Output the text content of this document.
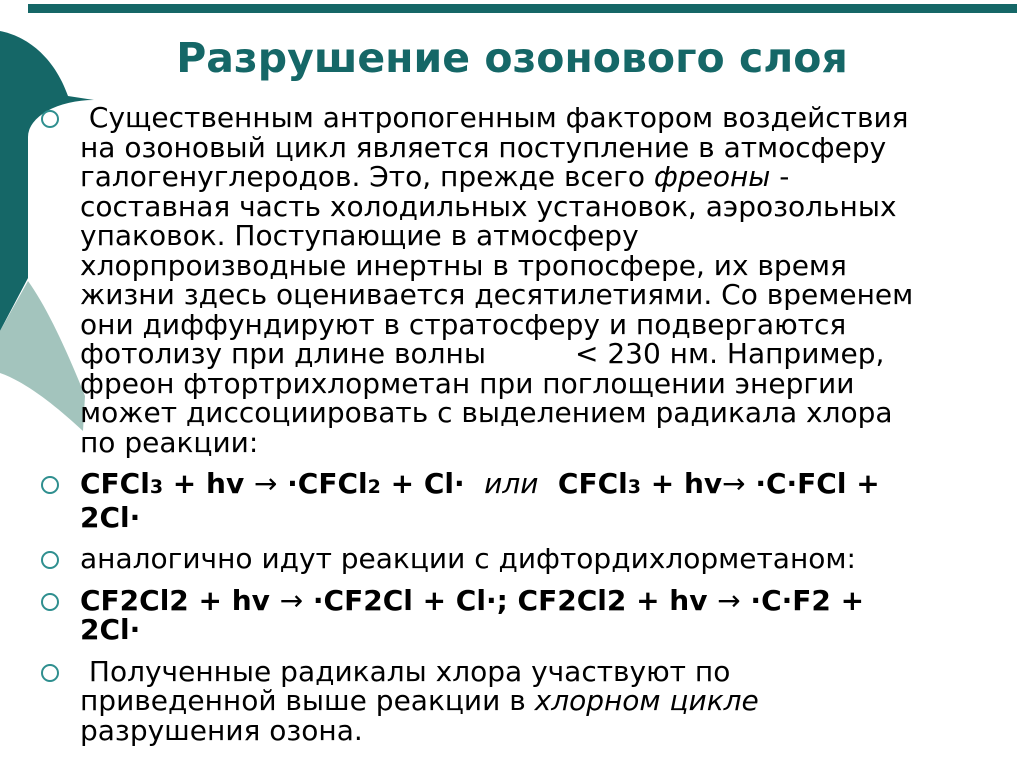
Разрушение озонового слоя
Существенным антропогенным фактором воздействия
на озоновый цикл является поступление в атмосферу
галогенуглеродов. Это, прежде всего фреоны -
составная часть холодильных установок, аэрозольных
упаковок. Поступающие в атмосферу
хлорпроизводные инертны в тропосфере, их время
жизни здесь оценивается десятилетиями. Со временем
они диффундируют в стратосферу и подвергаются
фотолизу при длине волны          < 230 нм. Например,
фреон фтортрихлорметан при поглощении энергии
может диссоциировать с выделением радикала хлора
по реакции:
CFCl3 + hv → ·CFCl2 + Cl·  или  CFCl3 + hv→ ·C·FCl +
2Cl·
аналогично идут реакции с дифтордихлорметаном:
CF2Cl2 + hv → ·CF2Cl + Cl·; CF2Cl2 + hv → ·C·F2 +
2Cl·
Полученные радикалы хлора участвуют по
приведенной выше реакции в хлорном цикле
разрушения озона.
